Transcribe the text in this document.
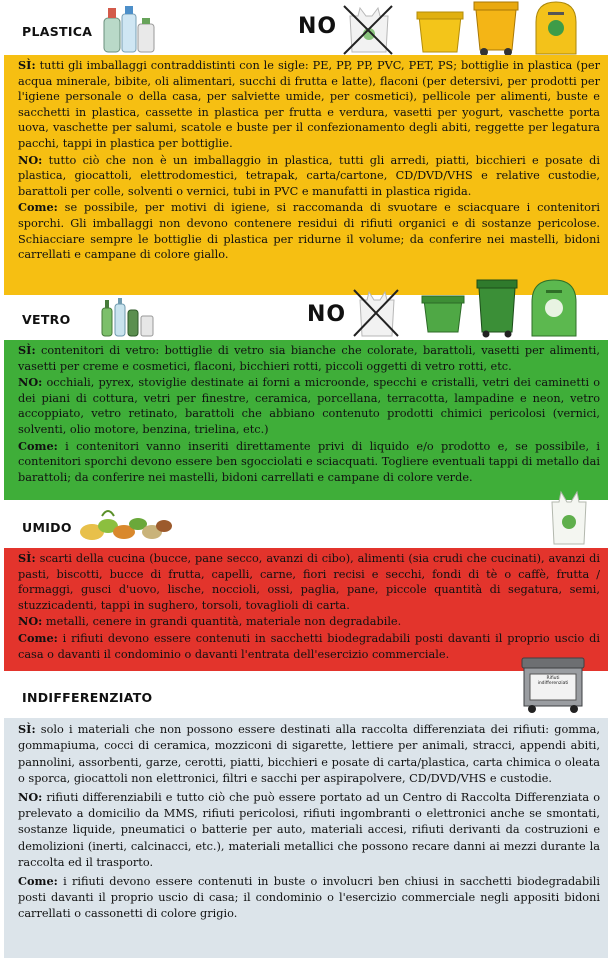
PLASTICA	NO

SÌ: tutti gli imballaggi contraddistinti con le sigle: PE, PP, PP, PVC, PET, PS; bottiglie in plastica (per acqua minerale, bibite, oli alimentari, succhi di frutta e latte), flaconi (per detersivi, per prodotti per l'igiene personale o della casa, per salviette umide, per cosmetici), pellicole per alimenti, buste e sacchetti in plastica, cassette in plastica per frutta e verdura, vasetti per yogurt, vaschette porta uova, vaschette per salumi, scatole e buste per il confezionamento degli abiti, reggette per legatura pacchi, tappi in plastica per bottiglie.

NO: tutto ciò che non è un imballaggio in plastica, tutti gli arredi, piatti, bicchieri e posate di plastica, giocattoli, elettrodomestici, tetrapak, carta/cartone, CD/DVD/VHS e relative custodie, barattoli per colle, solventi o vernici, tubi in PVC e manufatti in plastica rigida.

Come: se possibile, per motivi di igiene, si raccomanda di svuotare e sciacquare i contenitori sporchi. Gli imballaggi non devono contenere residui di rifiuti organici e di sostanze pericolose. Schiacciare sempre le bottiglie di plastica per ridurne il volume; da conferire nei mastelli, bidoni carrellati e campane di colore giallo.

VETRO	NO

SÌ: contenitori di vetro: bottiglie di vetro sia bianche che colorate, barattoli, vasetti per alimenti, vasetti per creme e cosmetici, flaconi, bicchieri rotti, piccoli oggetti di vetro rotti, etc.

NO: occhiali, pyrex, stoviglie destinate ai forni a microonde, specchi e cristalli, vetri dei caminetti o dei piani di cottura, vetri per finestre, ceramica, porcellana, terracotta, lampadine e neon, vetro accoppiato, vetro retinato, barattoli che abbiano contenuto prodotti chimici pericolosi (vernici, solventi, olio motore, benzina, trielina, etc.)

Come: i contenitori vanno inseriti direttamente privi di liquido e/o prodotto e, se possibile, i contenitori sporchi devono essere ben sgocciolati e sciacquati. Togliere eventuali tappi di metallo dai barattoli; da conferire nei mastelli, bidoni carrellati e campane di colore verde.

UMIDO

SÌ: scarti della cucina (bucce, pane secco, avanzi di cibo), alimenti (sia crudi che cucinati), avanzi di pasti, biscotti, bucce di frutta, capelli, carne, fiori recisi e secchi, fondi di tè o caffè, frutta / formaggi, gusci d'uovo, lische, noccioli, ossi, paglia, pane, piccole quantità di segatura, semi, stuzzicadenti, tappi in sughero, torsoli, tovaglioli di carta.

NO: metalli, cenere in grandi quantità, materiale non degradabile.

Come: i rifiuti devono essere contenuti in sacchetti biodegradabili posti davanti il proprio uscio di casa o davanti il condominio o davanti l'entrata dell'esercizio commerciale.

INDIFFERENZIATO
Rifiuti indifferenziati

SÌ: solo i materiali che non possono essere destinati alla raccolta differenziata dei rifiuti: gomma, gommapiuma, cocci di ceramica, mozziconi di sigarette, lettiere per animali, stracci, appendi abiti, pannolini, assorbenti, garze, cerotti, piatti, bicchieri e posate di carta/plastica, carta chimica o oleata o sporca, giocattoli non elettronici, filtri e sacchi per aspirapolvere, CD/DVD/VHS e custodie.

NO: rifiuti differenziabili e tutto ciò che può essere portato ad un Centro di Raccolta Differenziata o prelevato a domicilio da MMS, rifiuti pericolosi, rifiuti ingombranti o elettronici anche se smontati, sostanze liquide, pneumatici o batterie per auto, materiali accesi, rifiuti derivanti da costruzioni e demolizioni (inerti, calcinacci, etc.), materiali metallici che possono recare danni ai mezzi durante la raccolta ed il trasporto.

Come: i rifiuti devono essere contenuti in buste o involucri ben chiusi in sacchetti biodegradabili posti davanti il proprio uscio di casa; il condominio o l'esercizio commerciale negli appositi bidoni carrellati o cassonetti di colore grigio.
